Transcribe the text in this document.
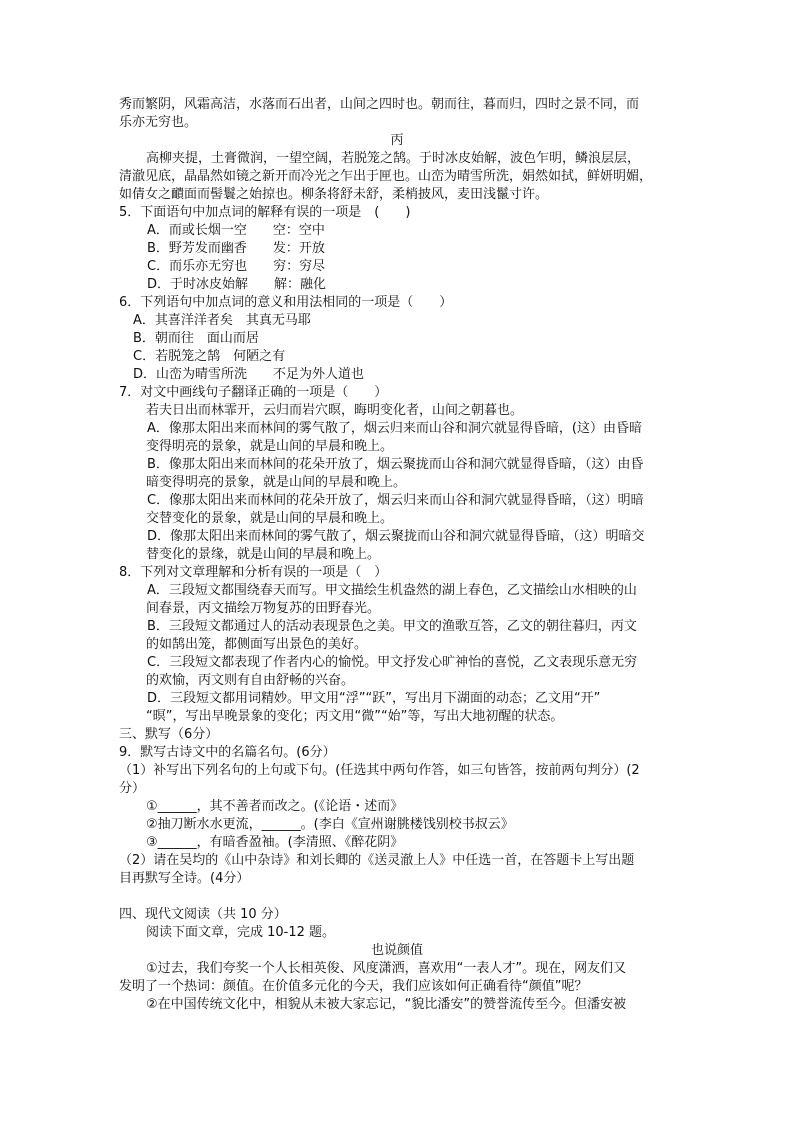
秀而繁阴，风霜高洁，水落而石出者，山间之四时也。朝而往，暮而归，四时之景不同，而
乐亦无穷也。
丙
高柳夹提，土膏微润，一望空阔，若脱笼之鹄。于时冰皮始解，波色乍明，鳞浪层层，
清澈见底，晶晶然如镜之新开而冷光之乍出于匣也。山峦为晴雪所洗，娟然如拭，鲜妍明媚，
如倩女之靧面而髻鬟之始掠也。柳条将舒未舒，柔梢披风，麦田浅鬣寸许。
5．下面语句中加点词的解释有误的一项是　(　　)
A．而或长烟一空　　空：空中
B．野芳发而幽香　　发：开放
C．而乐亦无穷也　　穷：穷尽
D．于时冰皮始解　　解：融化
6．下列语句中加点词的意义和用法相同的一项是（　　）
A．其喜洋洋者矣　其真无马耶
B．朝而往　面山而居
C．若脱笼之鹄　何陋之有
D．山峦为晴雪所洗　　不足为外人道也
7．对文中画线句子翻译正确的一项是（　　）
若夫日出而林霏开，云归而岩穴暝，晦明变化者，山间之朝暮也。
A．像那太阳出来而林间的雾气散了，烟云归来而山谷和洞穴就显得昏暗，(这）由昏暗
变得明亮的景象，就是山间的早晨和晚上。
B．像那太阳出来而林间的花朵开放了，烟云聚拢而山谷和洞穴就显得昏暗，（这）由昏
暗变得明亮的景象，就是山间的早晨和晚上。
C．像那太阳出来而林间的花朵开放了，烟云归来而山谷和洞穴就显得昏暗，（这）明暗
交替变化的景象，就是山间的早晨和晚上。
D．像那太阳出来而林间的雾气散了，烟云聚拢而山谷和洞穴就显得昏暗，（这）明暗交
替变化的景缘，就是山间的早晨和晚上。
8．下列对文章理解和分析有误的一项是（　）
A．三段短文都围绕春天而写。甲文描绘生机盎然的湖上春色，乙文描绘山水相映的山
间春景，丙文描绘万物复苏的田野春光。
B．三段短文都通过人的活动表现景色之美。甲文的渔歌互答，乙文的朝往暮归，丙文
的如鹄出笼，都侧面写出景色的美好。
C．三段短文都表现了作者内心的愉悦。甲文抒发心旷神怡的喜悦，乙文表现乐意无穷
的欢愉，丙文则有自由舒畅的兴奋。
D．三段短文都用词精妙。甲文用“浮”“跃”，写出月下湖面的动态；乙文用“开”
“暝”，写出早晚景象的变化；丙文用“微”“始”等，写出大地初醒的状态。
三、默写（6分）
9．默写古诗文中的名篇名句。(6分）
（1）补写出下列名句的上句或下句。(任选其中两句作答，如三句皆答，按前两句判分）(2
分）
①______，其不善者而改之。(《论语・述而》
②抽刀断水水更流，______。(李白《宣州谢朓楼饯别校书叔云》
③______，有暗香盈袖。(李清照、《醉花阴》
（2）请在吴均的《山中杂诗》和刘长卿的《送灵澈上人》中任选一首，在答题卡上写出题
目再默写全诗。(4分）
四、现代文阅读（共 10 分）
阅读下面文章，完成 10-12 题。
也说颜值
①过去，我们夸奖一个人长相英俊、风度潇洒，喜欢用“一表人才”。现在，网友们又
发明了一个热词：颜值。在价值多元化的今天，我们应该如何正确看待“颜值”呢？
②在中国传统文化中，相貌从未被大家忘记，“貌比潘安”的赞誉流传至今。但潘安被
